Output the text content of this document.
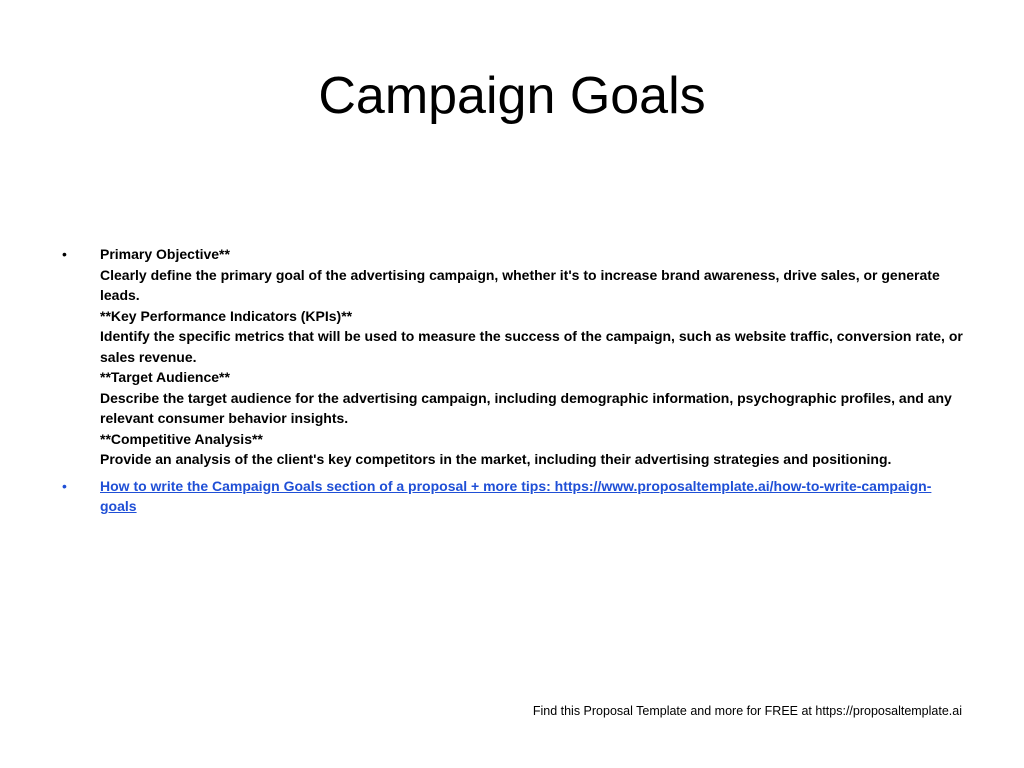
Campaign Goals
• Primary Objective**
Clearly define the primary goal of the advertising campaign, whether it's to increase brand awareness, drive sales, or generate leads.
**Key Performance Indicators (KPIs)**
Identify the specific metrics that will be used to measure the success of the campaign, such as website traffic, conversion rate, or sales revenue.
**Target Audience**
Describe the target audience for the advertising campaign, including demographic information, psychographic profiles, and any relevant consumer behavior insights.
**Competitive Analysis**
Provide an analysis of the client's key competitors in the market, including their advertising strategies and positioning.
• How to write the Campaign Goals section of a proposal + more tips: https://www.proposaltemplate.ai/how-to-write-campaign-goals
Find this Proposal Template and more for FREE at https://proposaltemplate.ai
